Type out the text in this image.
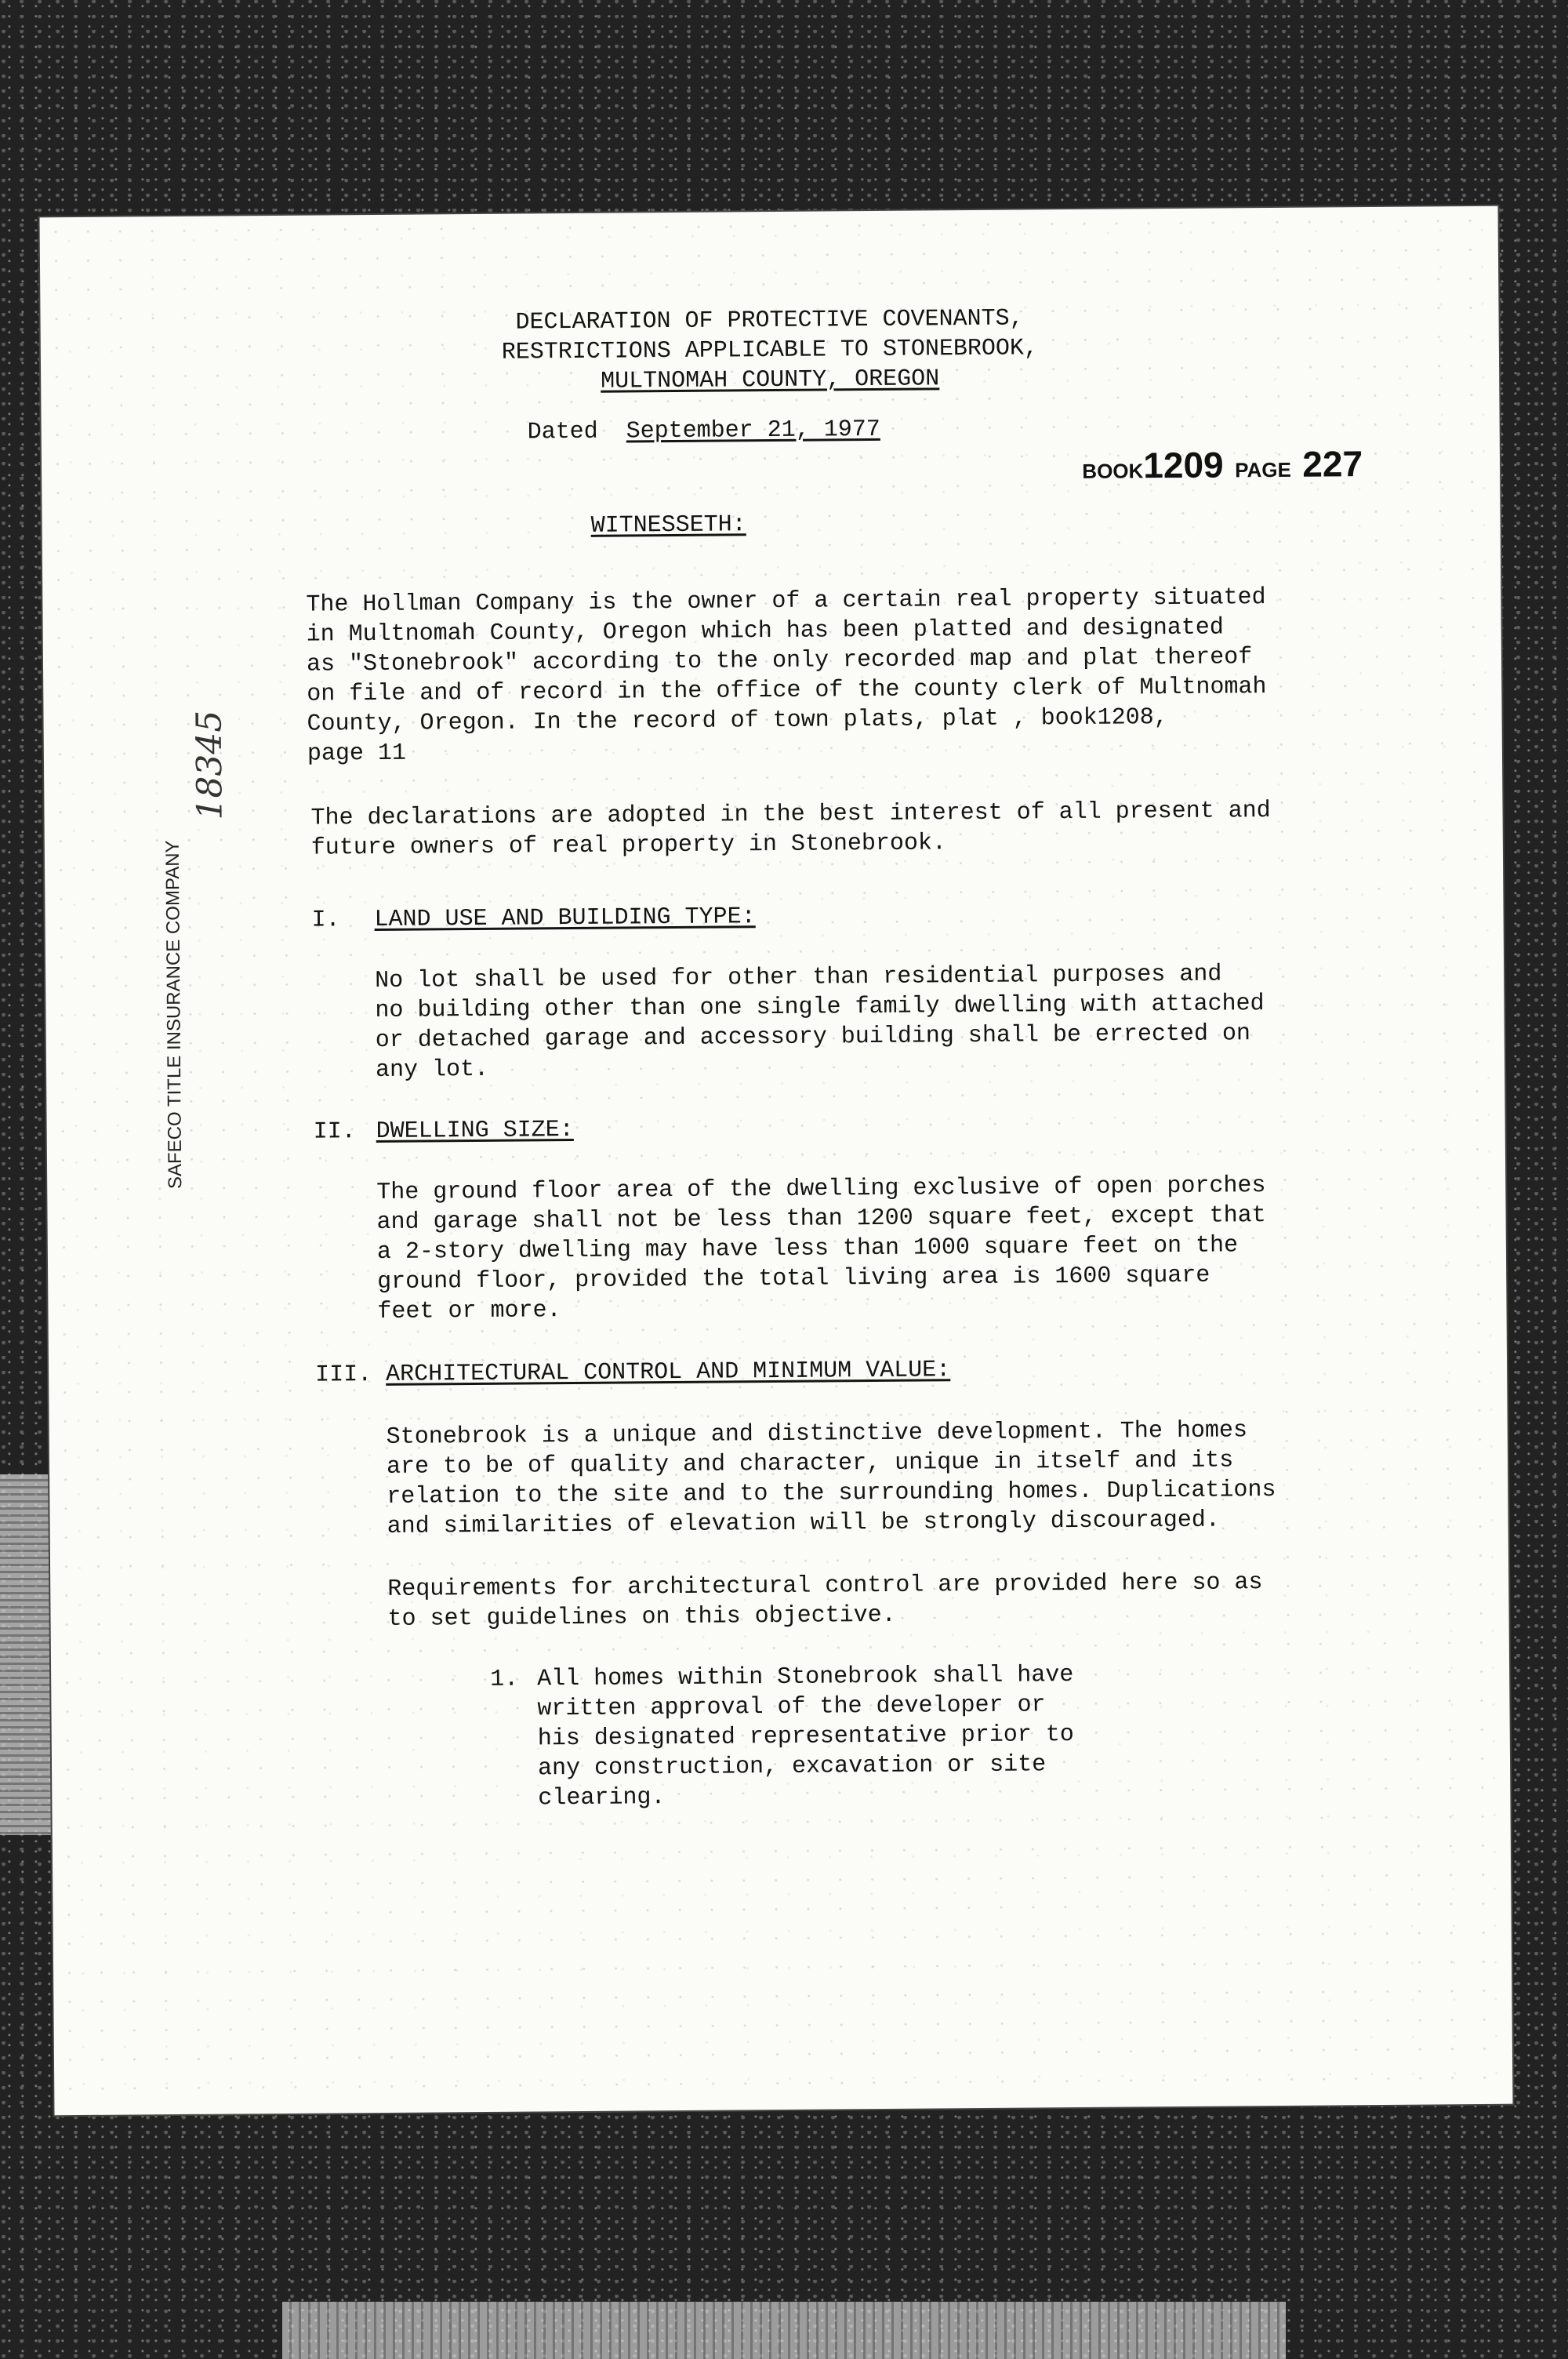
DECLARATION OF PROTECTIVE COVENANTS,
RESTRICTIONS APPLICABLE TO STONEBROOK,
MULTNOMAH COUNTY, OREGON
Dated September 21, 1977
BOOK1209 PAGE 227
WITNESSETH:
The Hollman Company is the owner of a certain real property situated
in Multnomah County, Oregon which has been platted and designated
as "Stonebrook" according to the only recorded map and plat thereof
on file and of record in the office of the county clerk of Multnomah
County, Oregon. In the record of town plats, plat , book1208,
page 11
The declarations are adopted in the best interest of all present and
future owners of real property in Stonebrook.
I. LAND USE AND BUILDING TYPE:
No lot shall be used for other than residential purposes and
no building other than one single family dwelling with attached
or detached garage and accessory building shall be errected on
any lot.
II. DWELLING SIZE:
The ground floor area of the dwelling exclusive of open porches
and garage shall not be less than 1200 square feet, except that
a 2-story dwelling may have less than 1000 square feet on the
ground floor, provided the total living area is 1600 square
feet or more.
III. ARCHITECTURAL CONTROL AND MINIMUM VALUE:
Stonebrook is a unique and distinctive development. The homes
are to be of quality and character, unique in itself and its
relation to the site and to the surrounding homes. Duplications
and similarities of elevation will be strongly discouraged.
Requirements for architectural control are provided here so as
to set guidelines on this objective.
1. All homes within Stonebrook shall have
written approval of the developer or
his designated representative prior to
any construction, excavation or site
clearing.
SAFECO TITLE INSURANCE COMPANY
18345
